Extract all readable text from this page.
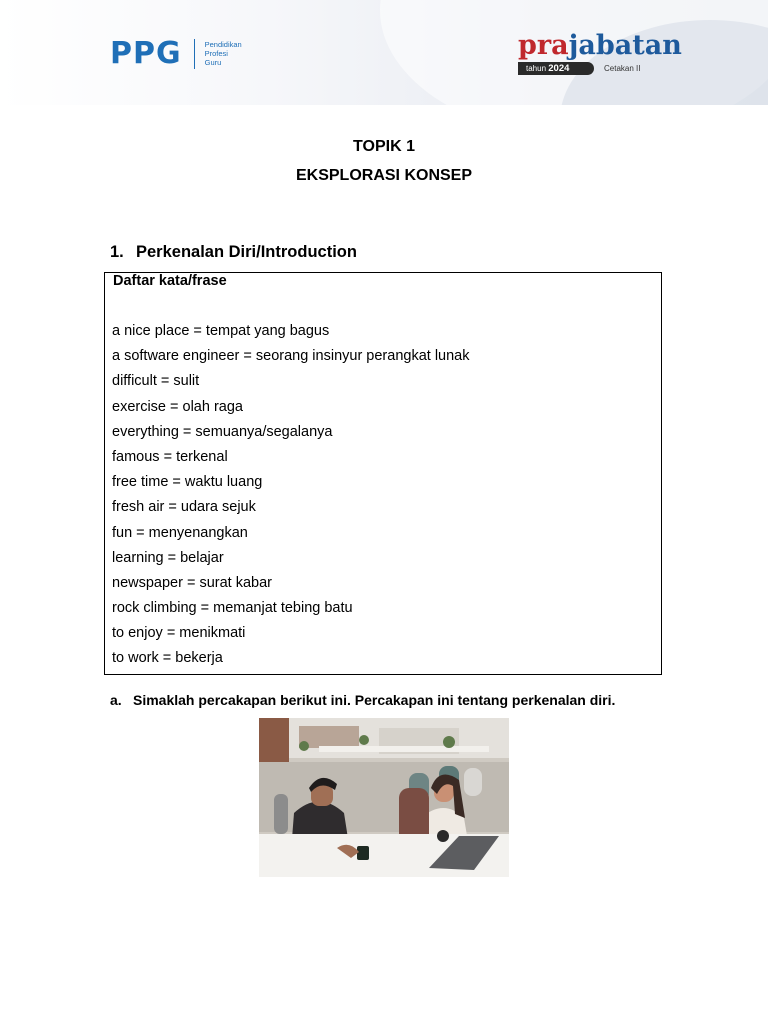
PPG	Pendidikan
Profesi
Guru
prajabatan
tahun 2024	Cetakan II
TOPIK 1
EKSPLORASI KONSEP
1. Perkenalan Diri/Introduction
Daftar kata/frase
a nice place = tempat yang bagus
a software engineer = seorang insinyur perangkat lunak
difficult = sulit
exercise = olah raga
everything = semuanya/segalanya
famous = terkenal
free time = waktu luang
fresh air = udara sejuk
fun = menyenangkan
learning = belajar
newspaper = surat kabar
rock climbing = memanjat tebing batu
to enjoy = menikmati
to work = bekerja
a. Simaklah percakapan berikut ini. Percakapan ini tentang perkenalan diri.
